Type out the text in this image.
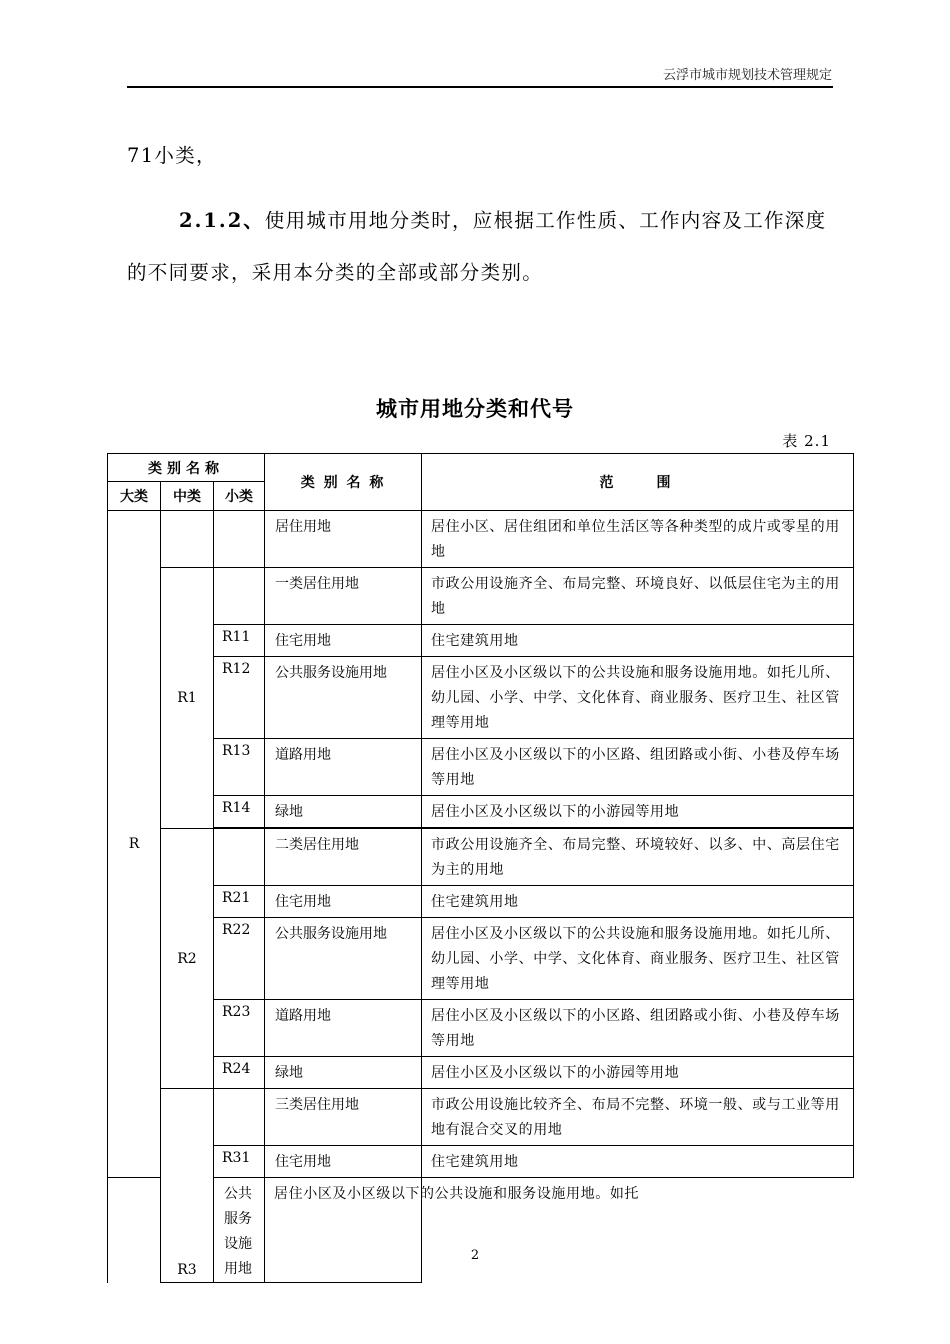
云浮市城市规划技术管理规定
71小类，
2.1.2、使用城市用地分类时，应根据工作性质、工作内容及工作深度的不同要求，采用本分类的全部或部分类别。
城市用地分类和代号
表 2.1
类别名称			类 别 名 称	范　　围
大类	中类	小类		
R			居住用地	居住小区、居住组团和单位生活区等各种类型的成片或零星的用地
	R1		一类居住用地	市政公用设施齐全、布局完整、环境良好、以低层住宅为主的用地
		R11	住宅用地	住宅建筑用地
		R12	公共服务设施用地	居住小区及小区级以下的公共设施和服务设施用地。如托儿所、幼儿园、小学、中学、文化体育、商业服务、医疗卫生、社区管理等用地
		R13	道路用地	居住小区及小区级以下的小区路、组团路或小街、小巷及停车场等用地
		R14	绿地	居住小区及小区级以下的小游园等用地

	R2		二类居住用地	市政公用设施齐全、布局完整、环境较好、以多、中、高层住宅为主的用地
		R21	住宅用地	住宅建筑用地
		R22	公共服务设施用地	居住小区及小区级以下的公共设施和服务设施用地。如托儿所、幼儿园、小学、中学、文化体育、商业服务、医疗卫生、社区管理等用地
		R23	道路用地	居住小区及小区级以下的小区路、组团路或小街、小巷及停车场等用地
		R24	绿地	居住小区及小区级以下的小游园等用地
	R3		三类居住用地	市政公用设施比较齐全、布局不完整、环境一般、或与工业等用地有混合交叉的用地
		R31	住宅用地	住宅建筑用地
		公共服务设施用地	居住小区及小区级以下的公共设施和服务设施用地。如托	
2
